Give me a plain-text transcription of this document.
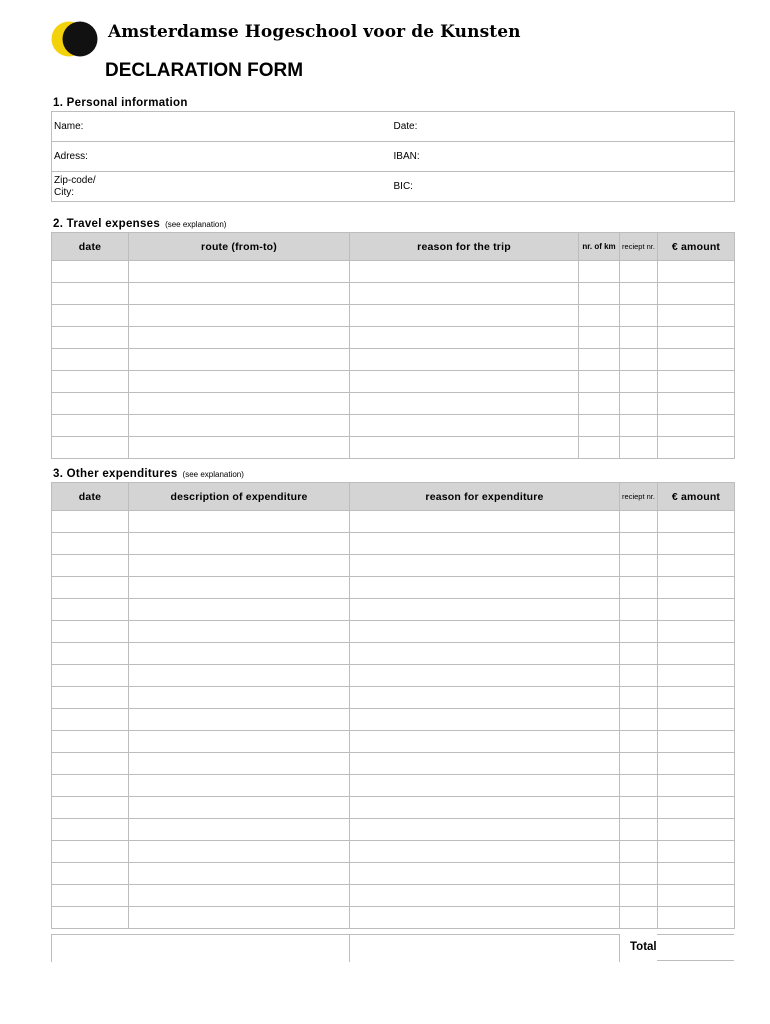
Amsterdamse Hogeschool voor de Kunsten
DECLARATION FORM
1. Personal information
Name:	Date:
Adress:	IBAN:

Zip-code/
City:	BIC:
2. Travel expenses (see explanation)
date	route (from-to)	reason for the trip	nr. of km	reciept nr.	€ amount

3. Other expenditures (see explanation)
date	description of expenditure	reason for expenditure	reciept nr.	€ amount

Total
